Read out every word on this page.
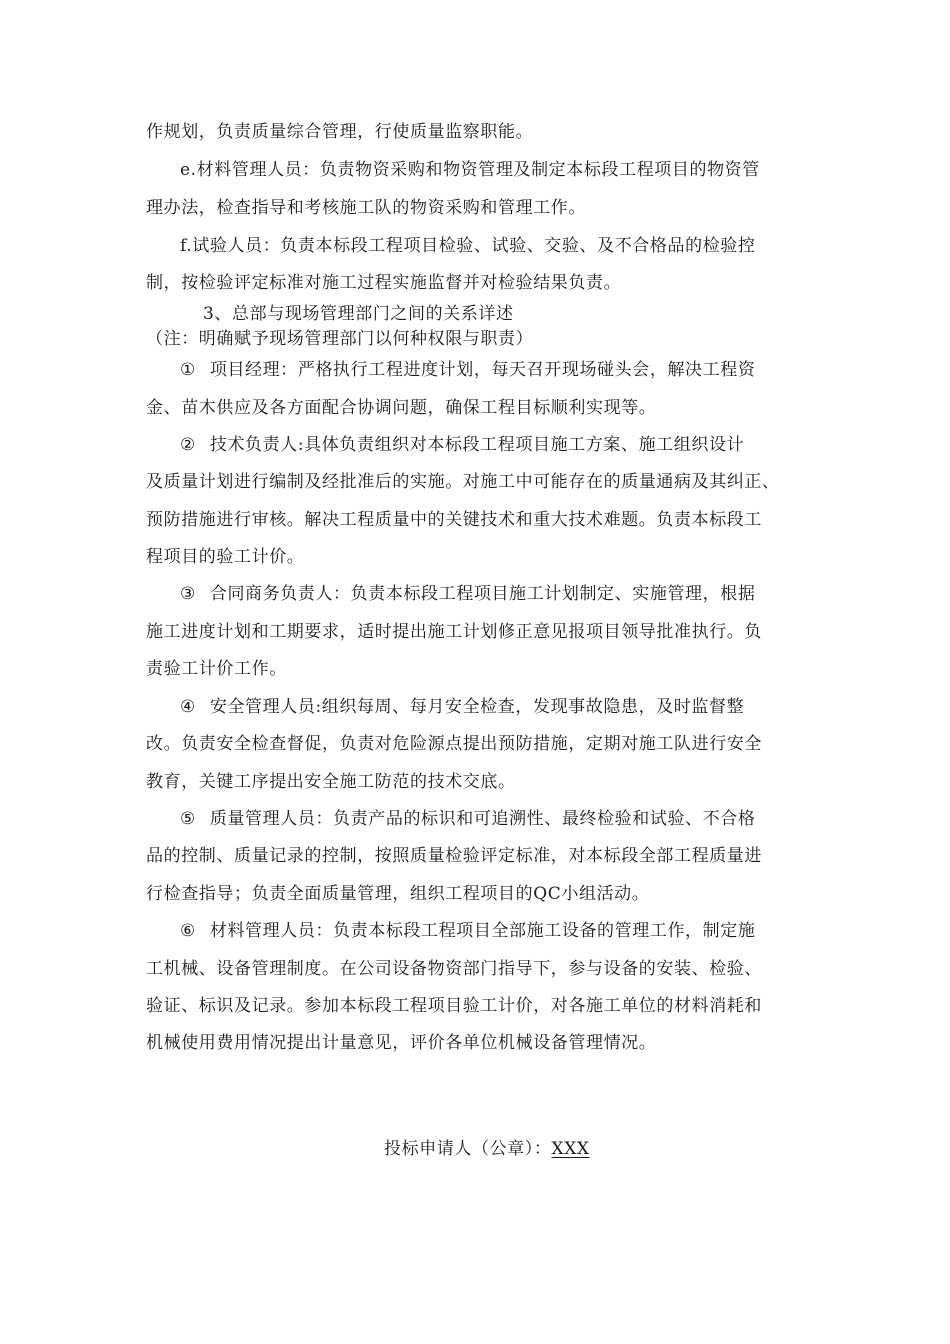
作规划，负责质量综合管理，行使质量监察职能。
e.材料管理人员：负责物资采购和物资管理及制定本标段工程项目的物资管
理办法，检查指导和考核施工队的物资采购和管理工作。
f.试验人员：负责本标段工程项目检验、试验、交验、及不合格品的检验控
制，按检验评定标准对施工过程实施监督并对检验结果负责。
3、总部与现场管理部门之间的关系详述
（注：明确赋予现场管理部门以何种权限与职责）
① 项目经理：严格执行工程进度计划，每天召开现场碰头会，解决工程资
金、苗木供应及各方面配合协调问题，确保工程目标顺利实现等。
② 技术负责人:具体负责组织对本标段工程项目施工方案、施工组织设计
及质量计划进行编制及经批准后的实施。对施工中可能存在的质量通病及其纠正、
预防措施进行审核。解决工程质量中的关键技术和重大技术难题。负责本标段工
程项目的验工计价。
③ 合同商务负责人：负责本标段工程项目施工计划制定、实施管理，根据
施工进度计划和工期要求，适时提出施工计划修正意见报项目领导批准执行。负
责验工计价工作。
④ 安全管理人员:组织每周、每月安全检查，发现事故隐患，及时监督整
改。负责安全检查督促，负责对危险源点提出预防措施，定期对施工队进行安全
教育，关键工序提出安全施工防范的技术交底。
⑤ 质量管理人员：负责产品的标识和可追溯性、最终检验和试验、不合格
品的控制、质量记录的控制，按照质量检验评定标准，对本标段全部工程质量进
行检查指导；负责全面质量管理，组织工程项目的QC小组活动。
⑥ 材料管理人员：负责本标段工程项目全部施工设备的管理工作，制定施
工机械、设备管理制度。在公司设备物资部门指导下，参与设备的安装、检验、
验证、标识及记录。参加本标段工程项目验工计价，对各施工单位的材料消耗和
机械使用费用情况提出计量意见，评价各单位机械设备管理情况。
投标申请人（公章）：XXX
